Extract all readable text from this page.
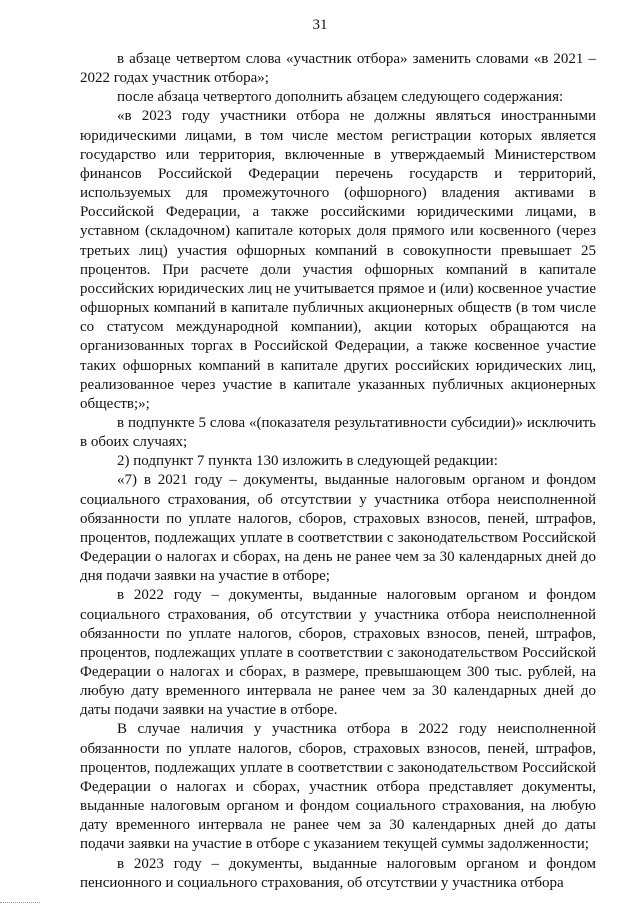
31

в абзаце четвертом слова «участник отбора» заменить словами «в 2021 – 2022 годах участник отбора»;

после абзаца четвертого дополнить абзацем следующего содержания:

«в 2023 году участники отбора не должны являться иностранными юридическими лицами, в том числе местом регистрации которых является государство или территория, включенные в утверждаемый Министерством финансов Российской Федерации перечень государств и территорий, используемых для промежуточного (офшорного) владения активами в Российской Федерации, а также российскими юридическими лицами, в уставном (складочном) капитале которых доля прямого или косвенного (через третьих лиц) участия офшорных компаний в совокупности превышает 25 процентов. При расчете доли участия офшорных компаний в капитале российских юридических лиц не учитывается прямое и (или) косвенное участие офшорных компаний в капитале публичных акционерных обществ (в том числе со статусом международной компании), акции которых обращаются на организованных торгах в Российской Федерации, а также косвенное участие таких офшорных компаний в капитале других российских юридических лиц, реализованное через участие в капитале указанных публичных акционерных обществ;»;

в подпункте 5 слова «(показателя результативности субсидии)» исключить в обоих случаях;

2) подпункт 7 пункта 130 изложить в следующей редакции:

«7) в 2021 году – документы, выданные налоговым органом и фондом социального страхования, об отсутствии у участника отбора неисполненной обязанности по уплате налогов, сборов, страховых взносов, пеней, штрафов, процентов, подлежащих уплате в соответствии с законодательством Российской Федерации о налогах и сборах, на день не ранее чем за 30 календарных дней до дня подачи заявки на участие в отборе;

в 2022 году – документы, выданные налоговым органом и фондом социального страхования, об отсутствии у участника отбора неисполненной обязанности по уплате налогов, сборов, страховых взносов, пеней, штрафов, процентов, подлежащих уплате в соответствии с законодательством Российской Федерации о налогах и сборах, в размере, превышающем 300 тыс. рублей, на любую дату временного интервала не ранее чем за 30 календарных дней до даты подачи заявки на участие в отборе.

В случае наличия у участника отбора в 2022 году неисполненной обязанности по уплате налогов, сборов, страховых взносов, пеней, штрафов, процентов, подлежащих уплате в соответствии с законодательством Российской Федерации о налогах и сборах, участник отбора представляет документы, выданные налоговым органом и фондом социального страхования, на любую дату временного интервала не ранее чем за 30 календарных дней до даты подачи заявки на участие в отборе с указанием текущей суммы задолженности;

в 2023 году – документы, выданные налоговым органом и фондом пенсионного и социального страхования, об отсутствии у участника отбора
